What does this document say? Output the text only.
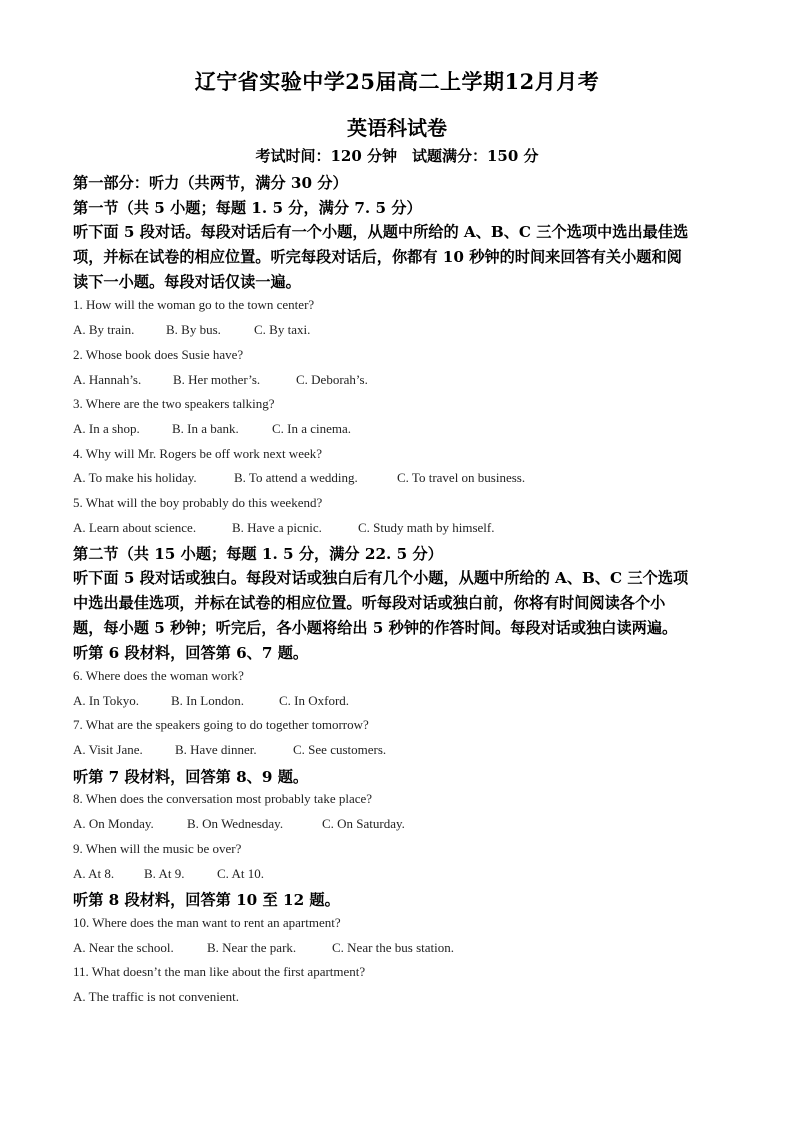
辽宁省实验中学25届高二上学期12月月考
英语科试卷
考试时间：120 分钟　试题满分：150 分
第一部分：听力（共两节，满分 30 分）
第一节（共 5 小题；每题 1. 5 分，满分 7. 5 分）
听下面 5 段对话。每段对话后有一个小题，从题中所给的 A、B、C 三个选项中选出最佳选
项，并标在试卷的相应位置。听完每段对话后，你都有 10 秒钟的时间来回答有关小题和阅
读下一小题。每段对话仅读一遍。
1. How will the woman go to the town center?
A. By train. B. By bus.	C. By taxi.
2. Whose book does Susie have?
A. Hannah’s. B. Her mother’s.	C. Deborah’s.
3. Where are the two speakers talking?
A. In a shop. B. In a bank.	C. In a cinema.
4. Why will Mr. Rogers be off work next week?
A. To make his holiday.	B. To attend a wedding.	C. To travel on business.
5. What will the boy probably do this weekend?
A. Learn about science.	B. Have a picnic.	C. Study math by himself.
第二节（共 15 小题；每题 1. 5 分，满分 22. 5 分）
听下面 5 段对话或独白。每段对话或独白后有几个小题，从题中所给的 A、B、C 三个选项
中选出最佳选项，并标在试卷的相应位置。听每段对话或独白前，你将有时间阅读各个小
题，每小题 5 秒钟；听完后，各小题将给出 5 秒钟的作答时间。每段对话或独白读两遍。
听第 6 段材料，回答第 6、7 题。
6. Where does the woman work?
A. In Tokyo. B. In London.	C. In Oxford.
7. What are the speakers going to do together tomorrow?
A. Visit Jane. B. Have dinner.	C. See customers.
听第 7 段材料，回答第 8、9 题。
8. When does the conversation most probably take place?
A. On Monday.	B. On Wednesday.	C. On Saturday.
9. When will the music be over?
A. At 8. B. At 9.	C. At 10.
听第 8 段材料，回答第 10 至 12 题。
10. Where does the man want to rent an apartment?
A. Near the school.	B. Near the park.	C. Near the bus station.
11. What doesn’t the man like about the first apartment?
A. The traffic is not convenient.
